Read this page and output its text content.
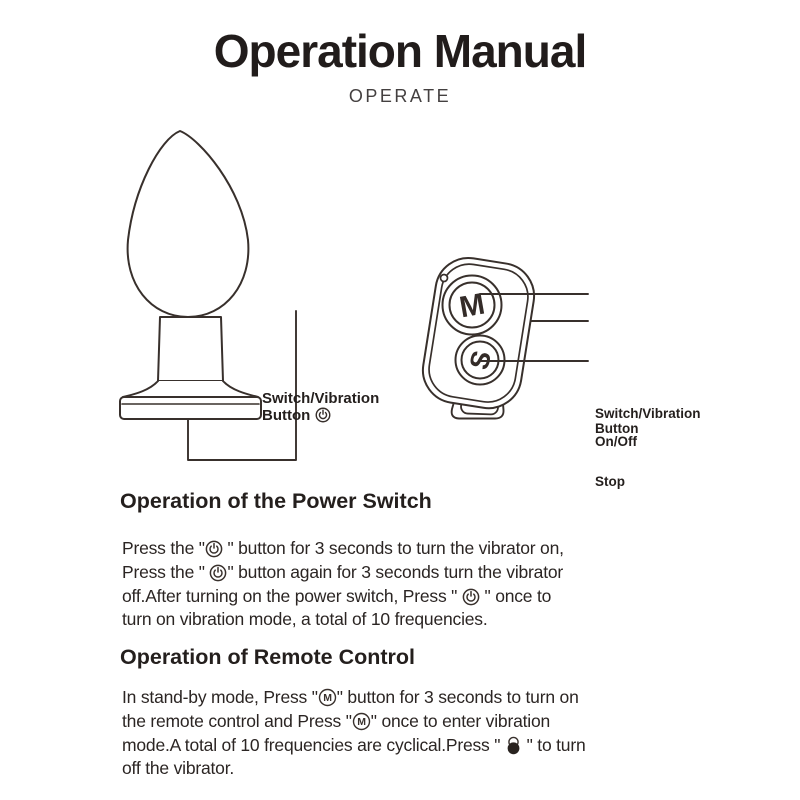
Operation Manual
OPERATE
M
S
Switch/Vibration
Button	Switch/Vibration
Button
On/Off
Stop
Operation of the Power Switch
Press the " " button for 3 seconds to turn the vibrator on,
Press the " " button again for 3 seconds turn the vibrator
off.After turning on the power switch, Press "  " once to
turn on vibration mode, a total of 10 frequencies.
Operation of Remote Control
In stand-by mode, Press " M " button for 3 seconds to turn on
the remote control and Press " M " once to enter vibration
mode.A total of 10 frequencies are cyclical.Press "  " to turn
off the vibrator.
